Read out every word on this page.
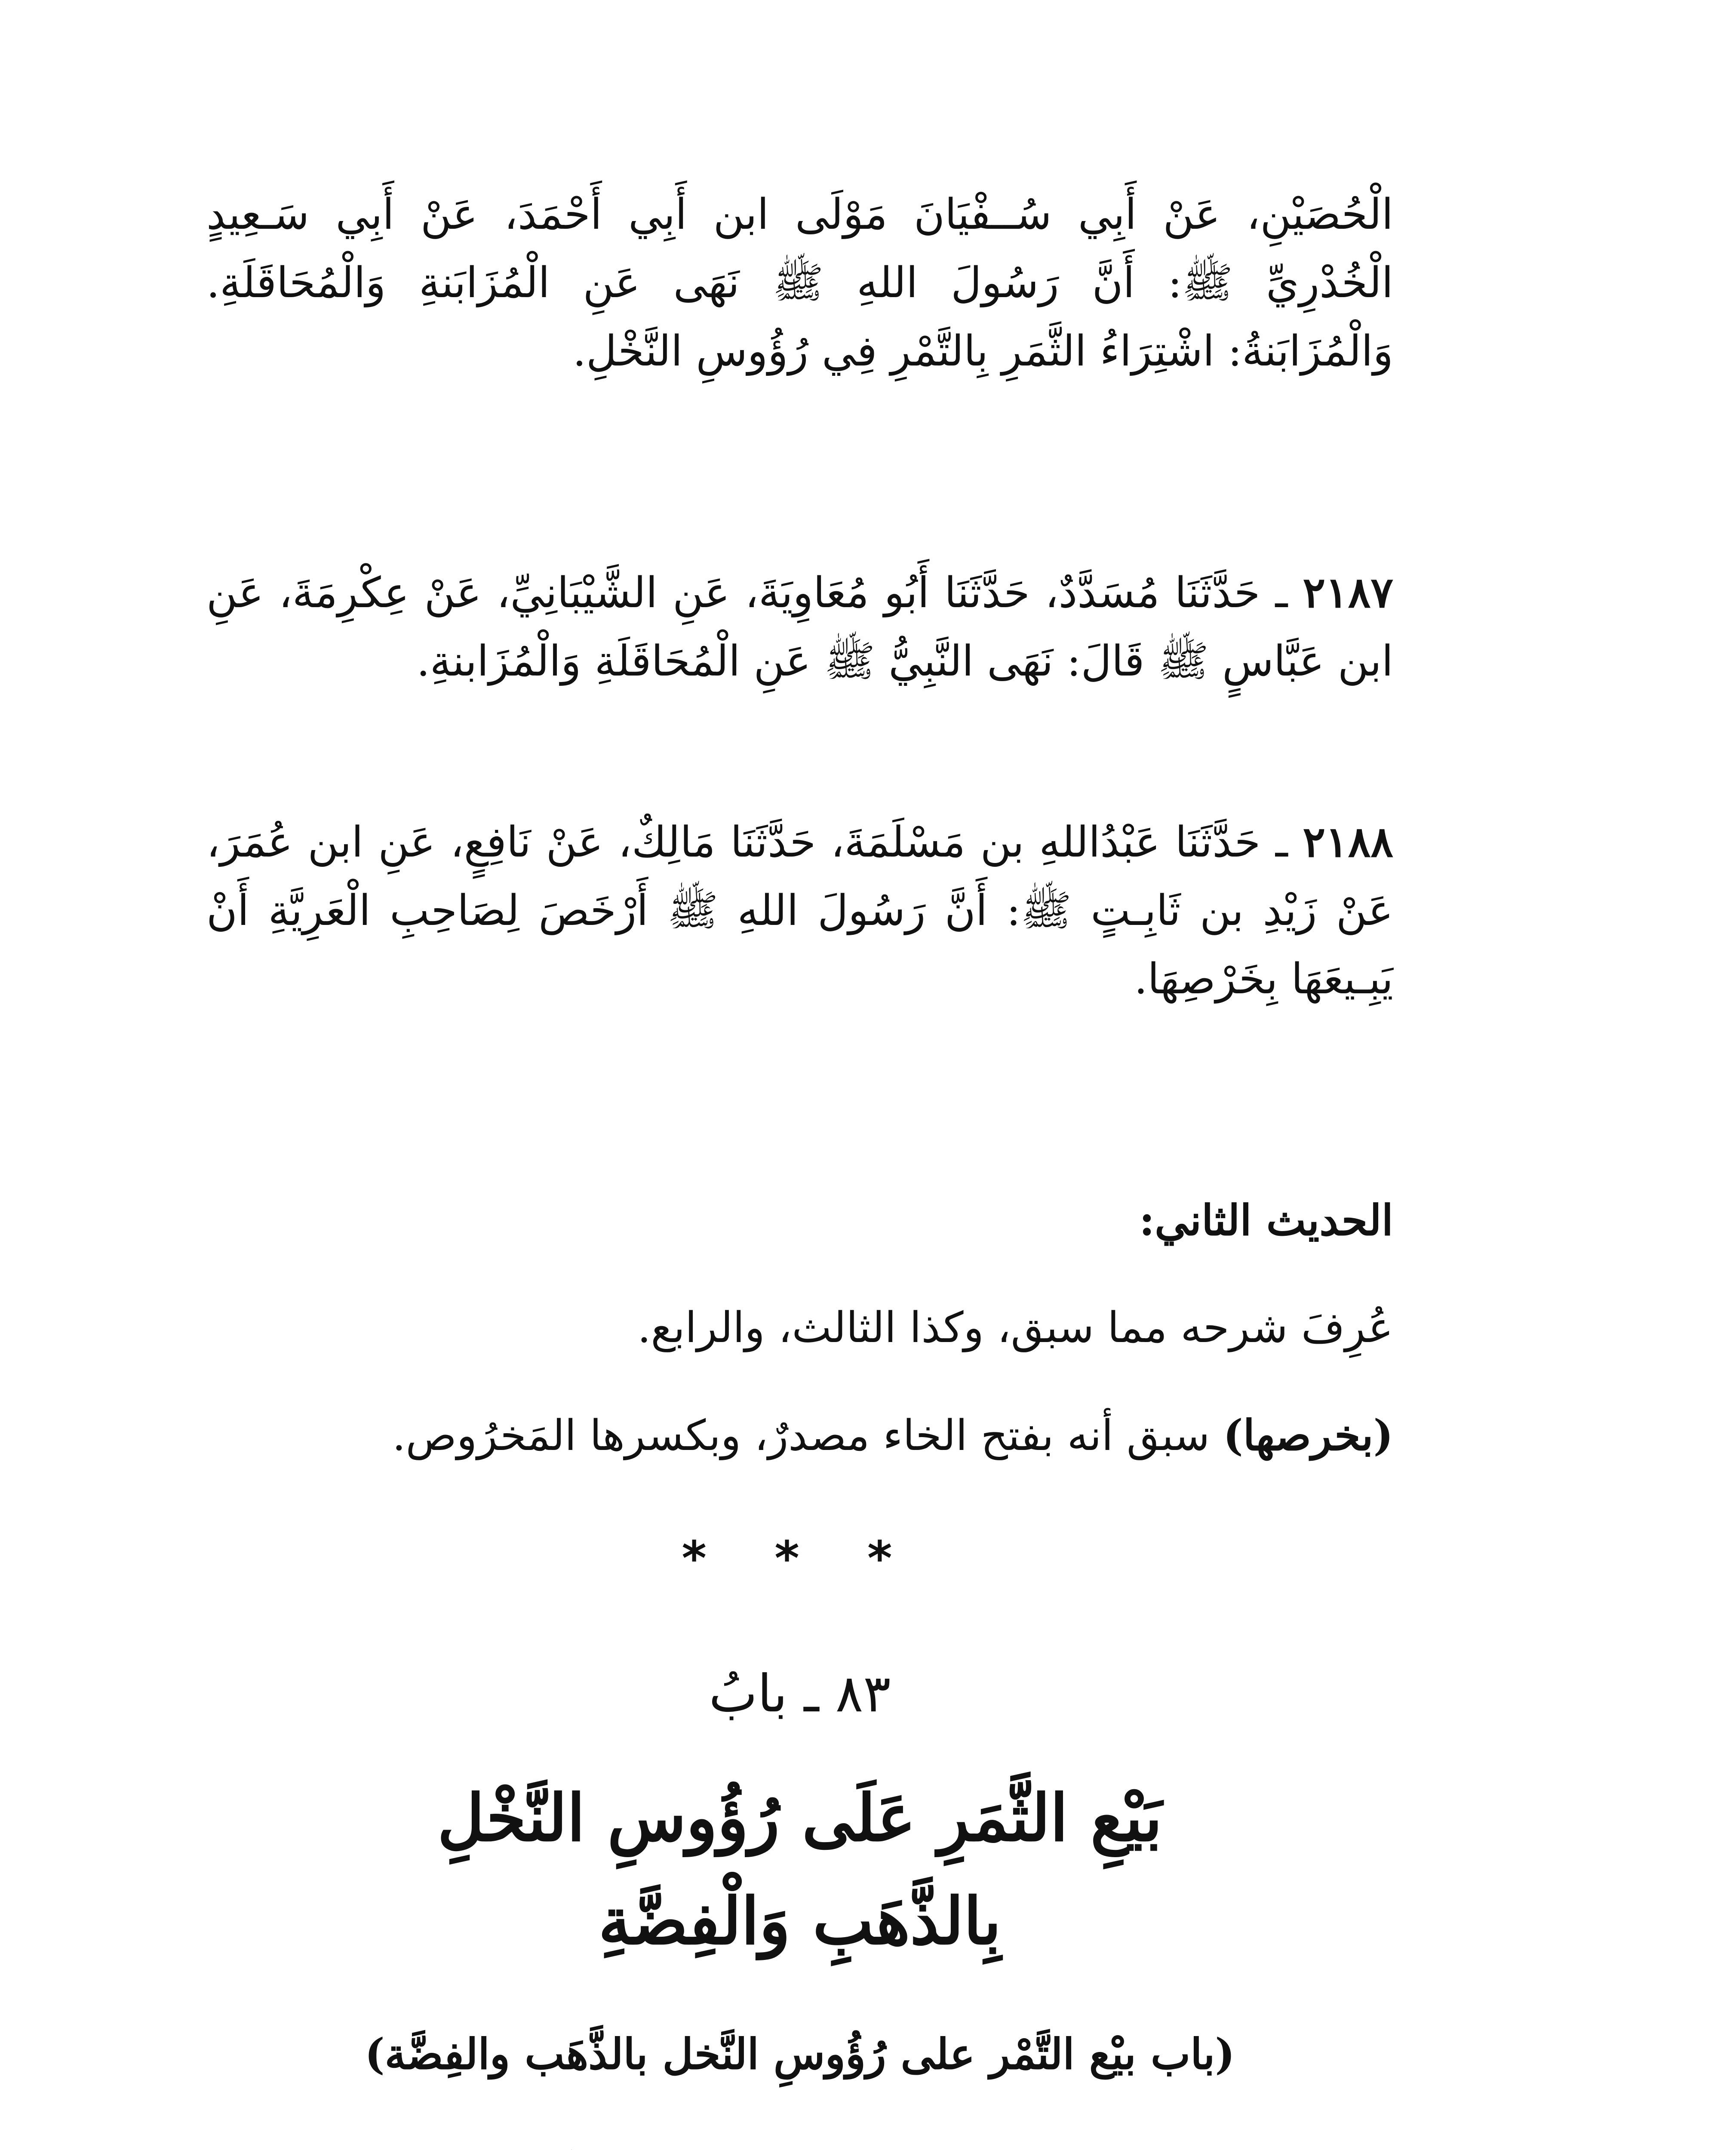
الْحُصَيْنِ، عَنْ أَبِي سُــفْيَانَ مَوْلَى ابن أَبِي أَحْمَدَ، عَنْ أَبِي سَـعِيدٍ الْخُدْرِيِّ ﷺ: أَنَّ رَسُولَ اللهِ ﷺ نَهَى عَنِ الْمُزَابَنةِ وَالْمُحَاقَلَةِ. وَالْمُزَابَنةُ: اشْتِرَاءُ الثَّمَرِ بِالتَّمْرِ فِي رُؤُوسِ النَّخْلِ.

٢١٨٧ ـ حَدَّثَنَا مُسَدَّدٌ، حَدَّثَنَا أَبُو مُعَاوِيَةَ، عَنِ الشَّيْبَانِيِّ، عَنْ عِكْرِمَةَ، عَنِ ابن عَبَّاسٍ ﷺ قَالَ: نَهَى النَّبِيُّ ﷺ عَنِ الْمُحَاقَلَةِ وَالْمُزَابنةِ.

٢١٨٨ ـ حَدَّثَنَا عَبْدُاللهِ بن مَسْلَمَةَ، حَدَّثَنَا مَالِكٌ، عَنْ نَافِعٍ، عَنِ ابن عُمَرَ، عَنْ زَيْدِ بن ثَابِـتٍ ﷺ: أَنَّ رَسُولَ اللهِ ﷺ أَرْخَصَ لِصَاحِبِ الْعَرِيَّةِ أَنْ يَبِـيعَهَا بِخَرْصِهَا.

الحديث الثاني:

عُرِفَ شرحه مما سبق، وكذا الثالث، والرابع.

(بخرصها) سبق أنه بفتح الخاء مصدرٌ، وبكسرها المَخرُوص.

* * *
٨٣ ـ بابُ
بَيْعِ الثَّمَرِ عَلَى رُؤُوسِ النَّخْلِ
بِالذَّهَبِ وَالْفِضَّةِ
(باب بيْع التَّمْر على رُؤُوسِ النَّخل بالذَّهَب والفِضَّة)
